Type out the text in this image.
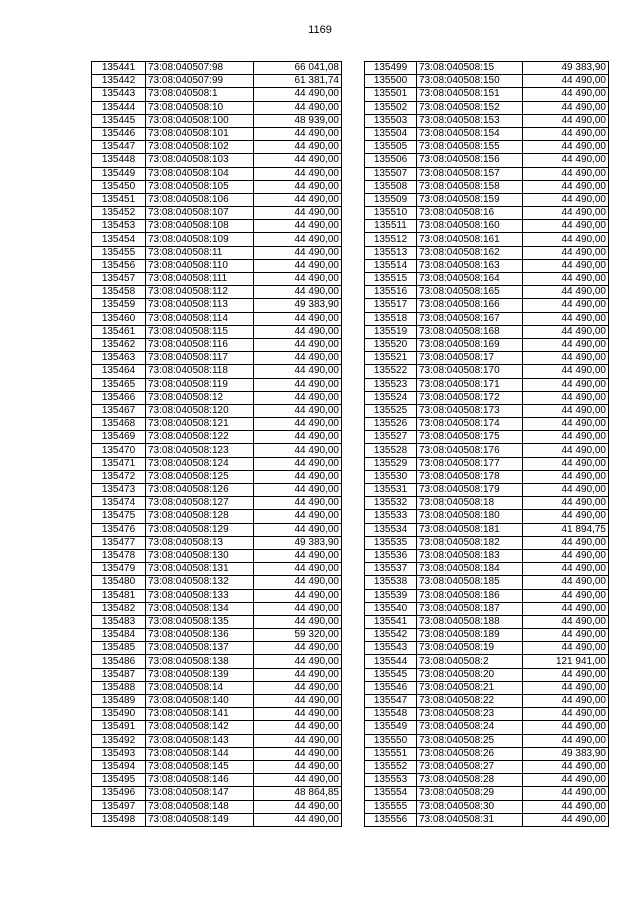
1169
135441	73:08:040507:98	66 041,08
135442	73:08:040507:99	61 381,74
135443	73:08:040508:1	44 490,00
135444	73:08:040508:10	44 490,00
135445	73:08:040508:100	48 939,00
135446	73:08:040508:101	44 490,00
135447	73:08:040508:102	44 490,00
135448	73:08:040508:103	44 490,00
135449	73:08:040508:104	44 490,00
135450	73:08:040508:105	44 490,00
135451	73:08:040508:106	44 490,00
135452	73:08:040508:107	44 490,00
135453	73:08:040508:108	44 490,00
135454	73:08:040508:109	44 490,00
135455	73:08:040508:11	44 490,00
135456	73:08:040508:110	44 490,00
135457	73:08:040508:111	44 490,00
135458	73:08:040508:112	44 490,00
135459	73:08:040508:113	49 383,90
135460	73:08:040508:114	44 490,00
135461	73:08:040508:115	44 490,00
135462	73:08:040508:116	44 490,00
135463	73:08:040508:117	44 490,00
135464	73:08:040508:118	44 490,00
135465	73:08:040508:119	44 490,00
135466	73:08:040508:12	44 490,00
135467	73:08:040508:120	44 490,00
135468	73:08:040508:121	44 490,00
135469	73:08:040508:122	44 490,00
135470	73:08:040508:123	44 490,00
135471	73:08:040508:124	44 490,00
135472	73:08:040508:125	44 490,00
135473	73:08:040508:126	44 490,00
135474	73:08:040508:127	44 490,00
135475	73:08:040508:128	44 490,00
135476	73:08:040508:129	44 490,00
135477	73:08:040508:13	49 383,90
135478	73:08:040508:130	44 490,00
135479	73:08:040508:131	44 490,00
135480	73:08:040508:132	44 490,00
135481	73:08:040508:133	44 490,00
135482	73:08:040508:134	44 490,00
135483	73:08:040508:135	44 490,00
135484	73:08:040508:136	59 320,00
135485	73:08:040508:137	44 490,00
135486	73:08:040508:138	44 490,00
135487	73:08:040508:139	44 490,00
135488	73:08:040508:14	44 490,00
135489	73:08:040508:140	44 490,00
135490	73:08:040508:141	44 490,00
135491	73:08:040508:142	44 490,00
135492	73:08:040508:143	44 490,00
135493	73:08:040508:144	44 490,00
135494	73:08:040508:145	44 490,00
135495	73:08:040508:146	44 490,00
135496	73:08:040508:147	48 864,85
135497	73:08:040508:148	44 490,00
135498	73:08:040508:149	44 490,00
135499	73:08:040508:15	49 383,90
135500	73:08:040508:150	44 490,00
135501	73:08:040508:151	44 490,00
135502	73:08:040508:152	44 490,00
135503	73:08:040508:153	44 490,00
135504	73:08:040508:154	44 490,00
135505	73:08:040508:155	44 490,00
135506	73:08:040508:156	44 490,00
135507	73:08:040508:157	44 490,00
135508	73:08:040508:158	44 490,00
135509	73:08:040508:159	44 490,00
135510	73:08:040508:16	44 490,00
135511	73:08:040508:160	44 490,00
135512	73:08:040508:161	44 490,00
135513	73:08:040508:162	44 490,00
135514	73:08:040508:163	44 490,00
135515	73:08:040508:164	44 490,00
135516	73:08:040508:165	44 490,00
135517	73:08:040508:166	44 490,00
135518	73:08:040508:167	44 490,00
135519	73:08:040508:168	44 490,00
135520	73:08:040508:169	44 490,00
135521	73:08:040508:17	44 490,00
135522	73:08:040508:170	44 490,00
135523	73:08:040508:171	44 490,00
135524	73:08:040508:172	44 490,00
135525	73:08:040508:173	44 490,00
135526	73:08:040508:174	44 490,00
135527	73:08:040508:175	44 490,00
135528	73:08:040508:176	44 490,00
135529	73:08:040508:177	44 490,00
135530	73:08:040508:178	44 490,00
135531	73:08:040508:179	44 490,00
135532	73:08:040508:18	44 490,00
135533	73:08:040508:180	44 490,00
135534	73:08:040508:181	41 894,75
135535	73:08:040508:182	44 490,00
135536	73:08:040508:183	44 490,00
135537	73:08:040508:184	44 490,00
135538	73:08:040508:185	44 490,00
135539	73:08:040508:186	44 490,00
135540	73:08:040508:187	44 490,00
135541	73:08:040508:188	44 490,00
135542	73:08:040508:189	44 490,00
135543	73:08:040508:19	44 490,00
135544	73:08:040508:2	121 941,00
135545	73:08:040508:20	44 490,00
135546	73:08:040508:21	44 490,00
135547	73:08:040508:22	44 490,00
135548	73:08:040508:23	44 490,00
135549	73:08:040508:24	44 490,00
135550	73:08:040508:25	44 490,00
135551	73:08:040508:26	49 383,90
135552	73:08:040508:27	44 490,00
135553	73:08:040508:28	44 490,00
135554	73:08:040508:29	44 490,00
135555	73:08:040508:30	44 490,00
135556	73:08:040508:31	44 490,00
